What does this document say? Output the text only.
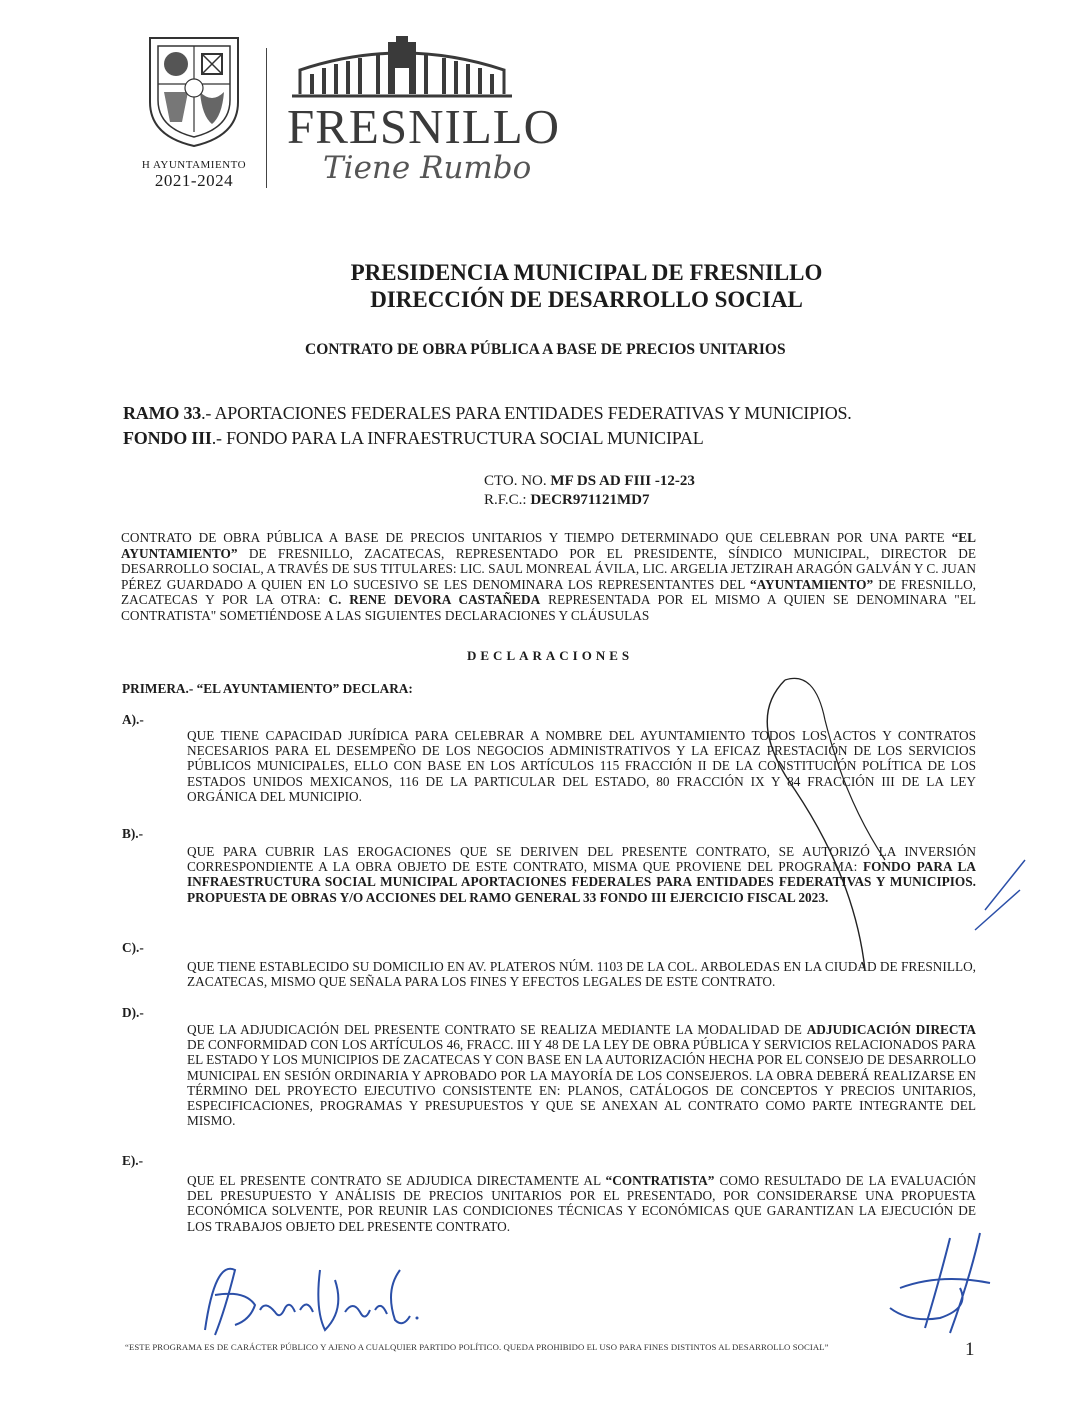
H AYUNTAMIENTO
2021-2024
FRESNILLO
Tiene Rumbo
PRESIDENCIA MUNICIPAL DE FRESNILLO
DIRECCIÓN DE DESARROLLO SOCIAL
CONTRATO DE OBRA PÚBLICA A BASE DE PRECIOS UNITARIOS
RAMO 33.- APORTACIONES FEDERALES PARA ENTIDADES FEDERATIVAS Y MUNICIPIOS.
FONDO III.- FONDO PARA LA INFRAESTRUCTURA SOCIAL MUNICIPAL
CTO. NO. MF DS AD FIII -12-23
R.F.C.: DECR971121MD7
CONTRATO DE OBRA PÚBLICA A BASE DE PRECIOS UNITARIOS Y TIEMPO DETERMINADO QUE CELEBRAN POR UNA PARTE “EL AYUNTAMIENTO” DE FRESNILLO, ZACATECAS, REPRESENTADO POR EL PRESIDENTE, SÍNDICO MUNICIPAL, DIRECTOR DE DESARROLLO SOCIAL, A TRAVÉS DE SUS TITULARES: LIC. SAUL MONREAL ÁVILA, LIC. ARGELIA JETZIRAH ARAGÓN GALVÁN Y C. JUAN PÉREZ GUARDADO A QUIEN EN LO SUCESIVO SE LES DENOMINARA LOS REPRESENTANTES DEL “AYUNTAMIENTO” DE FRESNILLO, ZACATECAS Y POR LA OTRA: C. RENE DEVORA CASTAÑEDA REPRESENTADA POR EL MISMO A QUIEN SE DENOMINARA "EL CONTRATISTA" SOMETIÉNDOSE A LAS SIGUIENTES DECLARACIONES Y CLÁUSULAS
DECLARACIONES
PRIMERA.- “EL AYUNTAMIENTO” DECLARA:
A).-
QUE TIENE CAPACIDAD JURÍDICA PARA CELEBRAR A NOMBRE DEL AYUNTAMIENTO TODOS LOS ACTOS Y CONTRATOS NECESARIOS PARA EL DESEMPEÑO DE LOS NEGOCIOS ADMINISTRATIVOS Y LA EFICAZ PRESTACIÓN DE LOS SERVICIOS PÚBLICOS MUNICIPALES, ELLO CON BASE EN LOS ARTÍCULOS 115 FRACCIÓN II DE LA CONSTITUCIÓN POLÍTICA DE LOS ESTADOS UNIDOS MEXICANOS, 116 DE LA PARTICULAR DEL ESTADO, 80 FRACCIÓN IX Y 84 FRACCIÓN III DE LA LEY ORGÁNICA DEL MUNICIPIO.
B).-
QUE PARA CUBRIR LAS EROGACIONES QUE SE DERIVEN DEL PRESENTE CONTRATO, SE AUTORIZÓ LA INVERSIÓN CORRESPONDIENTE A LA OBRA OBJETO DE ESTE CONTRATO, MISMA QUE PROVIENE DEL PROGRAMA: FONDO PARA LA INFRAESTRUCTURA SOCIAL MUNICIPAL APORTACIONES FEDERALES PARA ENTIDADES FEDERATIVAS Y MUNICIPIOS. PROPUESTA DE OBRAS Y/O ACCIONES DEL RAMO GENERAL 33 FONDO III EJERCICIO FISCAL 2023.
C).-
QUE TIENE ESTABLECIDO SU DOMICILIO EN AV. PLATEROS NÚM. 1103 DE LA COL. ARBOLEDAS EN LA CIUDAD DE FRESNILLO, ZACATECAS, MISMO QUE SEÑALA PARA LOS FINES Y EFECTOS LEGALES DE ESTE CONTRATO.
D).-
QUE LA ADJUDICACIÓN DEL PRESENTE CONTRATO SE REALIZA MEDIANTE LA MODALIDAD DE ADJUDICACIÓN DIRECTA DE CONFORMIDAD CON LOS ARTÍCULOS 46, FRACC. III Y 48 DE LA LEY DE OBRA PÚBLICA Y SERVICIOS RELACIONADOS PARA EL ESTADO Y LOS MUNICIPIOS DE ZACATECAS Y CON BASE EN LA AUTORIZACIÓN HECHA POR EL CONSEJO DE DESARROLLO MUNICIPAL EN SESIÓN ORDINARIA Y APROBADO POR LA MAYORÍA DE LOS CONSEJEROS. LA OBRA DEBERÁ REALIZARSE EN TÉRMINO DEL PROYECTO EJECUTIVO CONSISTENTE EN: PLANOS, CATÁLOGOS DE CONCEPTOS Y PRECIOS UNITARIOS, ESPECIFICACIONES, PROGRAMAS Y PRESUPUESTOS Y QUE SE ANEXAN AL CONTRATO COMO PARTE INTEGRANTE DEL MISMO.
E).-
QUE EL PRESENTE CONTRATO SE ADJUDICA DIRECTAMENTE AL “CONTRATISTA” COMO RESULTADO DE LA EVALUACIÓN DEL PRESUPUESTO Y ANÁLISIS DE PRECIOS UNITARIOS POR EL PRESENTADO, POR CONSIDERARSE UNA PROPUESTA ECONÓMICA SOLVENTE, POR REUNIR LAS CONDICIONES TÉCNICAS Y ECONÓMICAS QUE GARANTIZAN LA EJECUCIÓN DE LOS TRABAJOS OBJETO DEL PRESENTE CONTRATO.
“ESTE PROGRAMA ES DE CARÁCTER PÚBLICO Y AJENO A CUALQUIER PARTIDO POLÍTICO. QUEDA PROHIBIDO EL USO PARA FINES DISTINTOS AL DESARROLLO SOCIAL”	1
